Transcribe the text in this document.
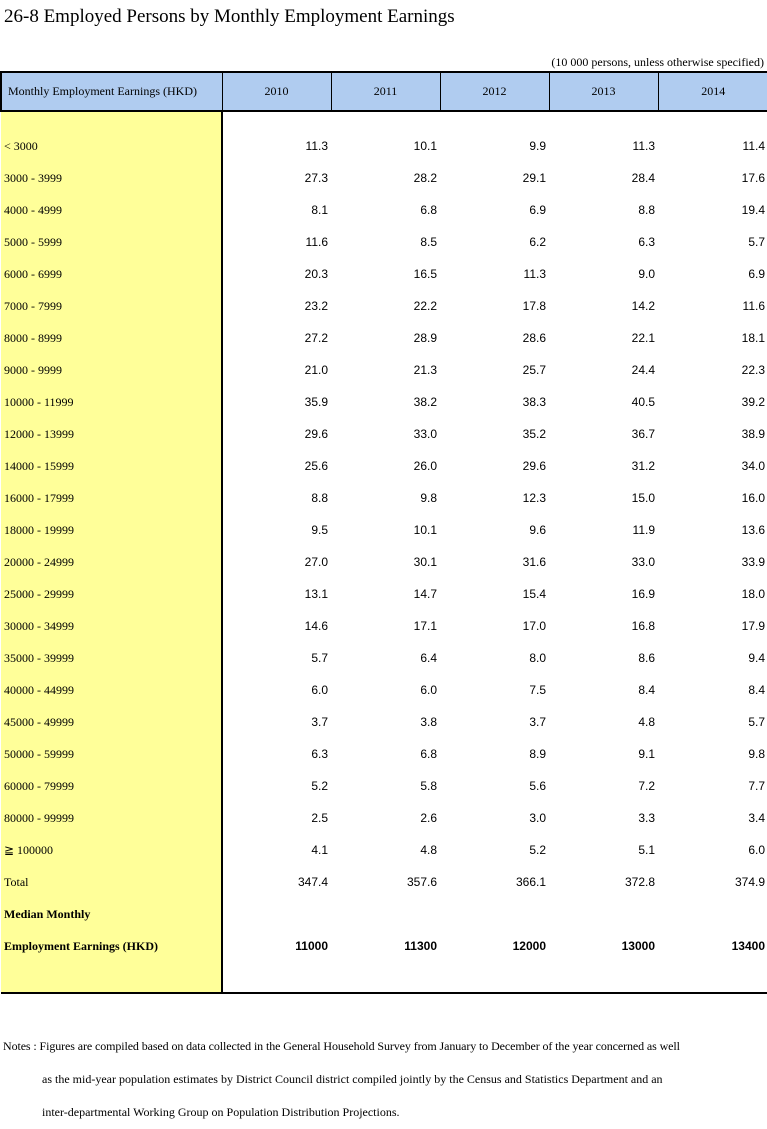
26-8 Employed Persons by Monthly Employment Earnings
(10 000 persons, unless otherwise specified)
Monthly Employment Earnings (HKD)	2010	2011	2012	2013	2014

< 3000	11.3	10.1	9.9	11.3	11.4
3000 - 3999	27.3	28.2	29.1	28.4	17.6
4000 - 4999	8.1	6.8	6.9	8.8	19.4
5000 - 5999	11.6	8.5	6.2	6.3	5.7
6000 - 6999	20.3	16.5	11.3	9.0	6.9
7000 - 7999	23.2	22.2	17.8	14.2	11.6
8000 - 8999	27.2	28.9	28.6	22.1	18.1
9000 - 9999	21.0	21.3	25.7	24.4	22.3
10000 - 11999	35.9	38.2	38.3	40.5	39.2
12000 - 13999	29.6	33.0	35.2	36.7	38.9
14000 - 15999	25.6	26.0	29.6	31.2	34.0
16000 - 17999	8.8	9.8	12.3	15.0	16.0
18000 - 19999	9.5	10.1	9.6	11.9	13.6
20000 - 24999	27.0	30.1	31.6	33.0	33.9
25000 - 29999	13.1	14.7	15.4	16.9	18.0
30000 - 34999	14.6	17.1	17.0	16.8	17.9
35000 - 39999	5.7	6.4	8.0	8.6	9.4
40000 - 44999	6.0	6.0	7.5	8.4	8.4
45000 - 49999	3.7	3.8	3.7	4.8	5.7
50000 - 59999	6.3	6.8	8.9	9.1	9.8
60000 - 79999	5.2	5.8	5.6	7.2	7.7
80000 - 99999	2.5	2.6	3.0	3.3	3.4
≧ 100000	4.1	4.8	5.2	5.1	6.0
Total	347.4	357.6	366.1	372.8	374.9
Median Monthly					
Employment Earnings (HKD)	11000	11300	12000	13000	13400

Notes : Figures are compiled based on data collected in the General Household Survey from January to December of the year concerned as well
as the mid-year population estimates by District Council district compiled jointly by the Census and Statistics Department and an
inter-departmental Working Group on Population Distribution Projections.
